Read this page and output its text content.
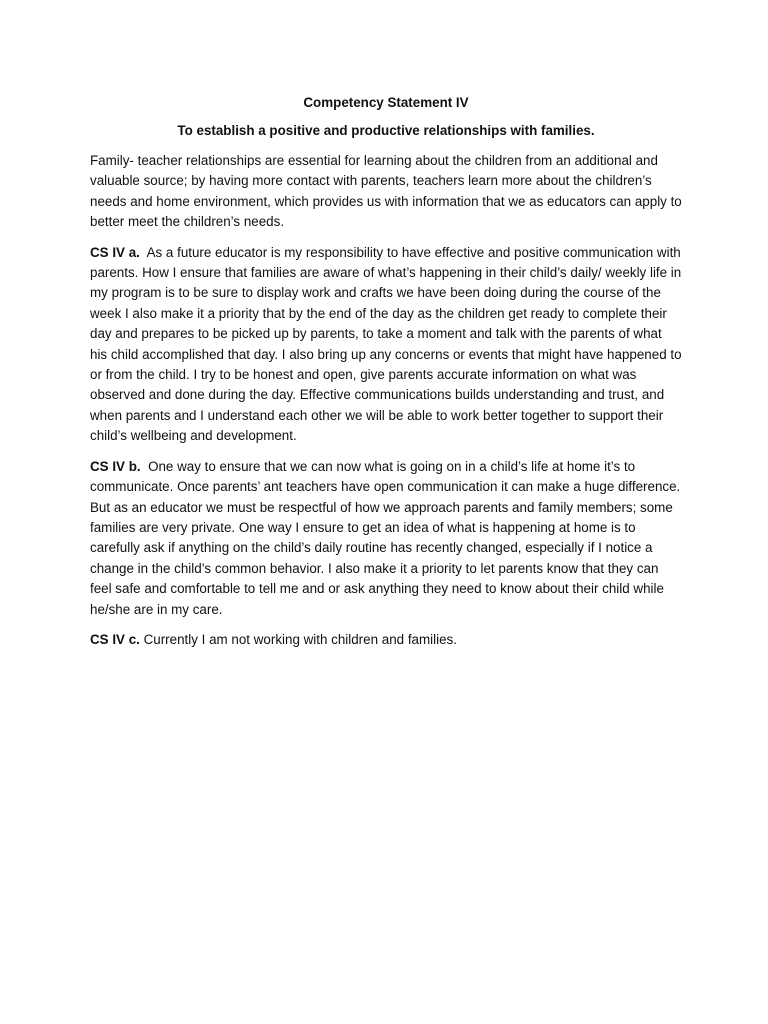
Competency Statement IV

To establish a positive and productive relationships with families.

Family- teacher relationships are essential for learning about the children from an additional and valuable source; by having more contact with parents, teachers learn more about the children’s needs and home environment, which provides us with information that we as educators can apply to better meet the children’s needs.

CS IV a. As a future educator is my responsibility to have effective and positive communication with parents. How I ensure that families are aware of what’s happening in their child’s daily/ weekly life in my program is to be sure to display work and crafts we have been doing during the course of the week I also make it a priority that by the end of the day as the children get ready to complete their day and prepares to be picked up by parents, to take a moment and talk with the parents of what his child accomplished that day. I also bring up any concerns or events that might have happened to or from the child. I try to be honest and open, give parents accurate information on what was observed and done during the day. Effective communications builds understanding and trust, and when parents and I understand each other we will be able to work better together to support their child’s wellbeing and development.

CS IV b. One way to ensure that we can now what is going on in a child’s life at home it’s to communicate. Once parents’ ant teachers have open communication it can make a huge difference. But as an educator we must be respectful of how we approach parents and family members; some families are very private. One way I ensure to get an idea of what is happening at home is to carefully ask if anything on the child’s daily routine has recently changed, especially if I notice a change in the child’s common behavior. I also make it a priority to let parents know that they can feel safe and comfortable to tell me and or ask anything they need to know about their child while he/she are in my care.

CS IV c. Currently I am not working with children and families.
